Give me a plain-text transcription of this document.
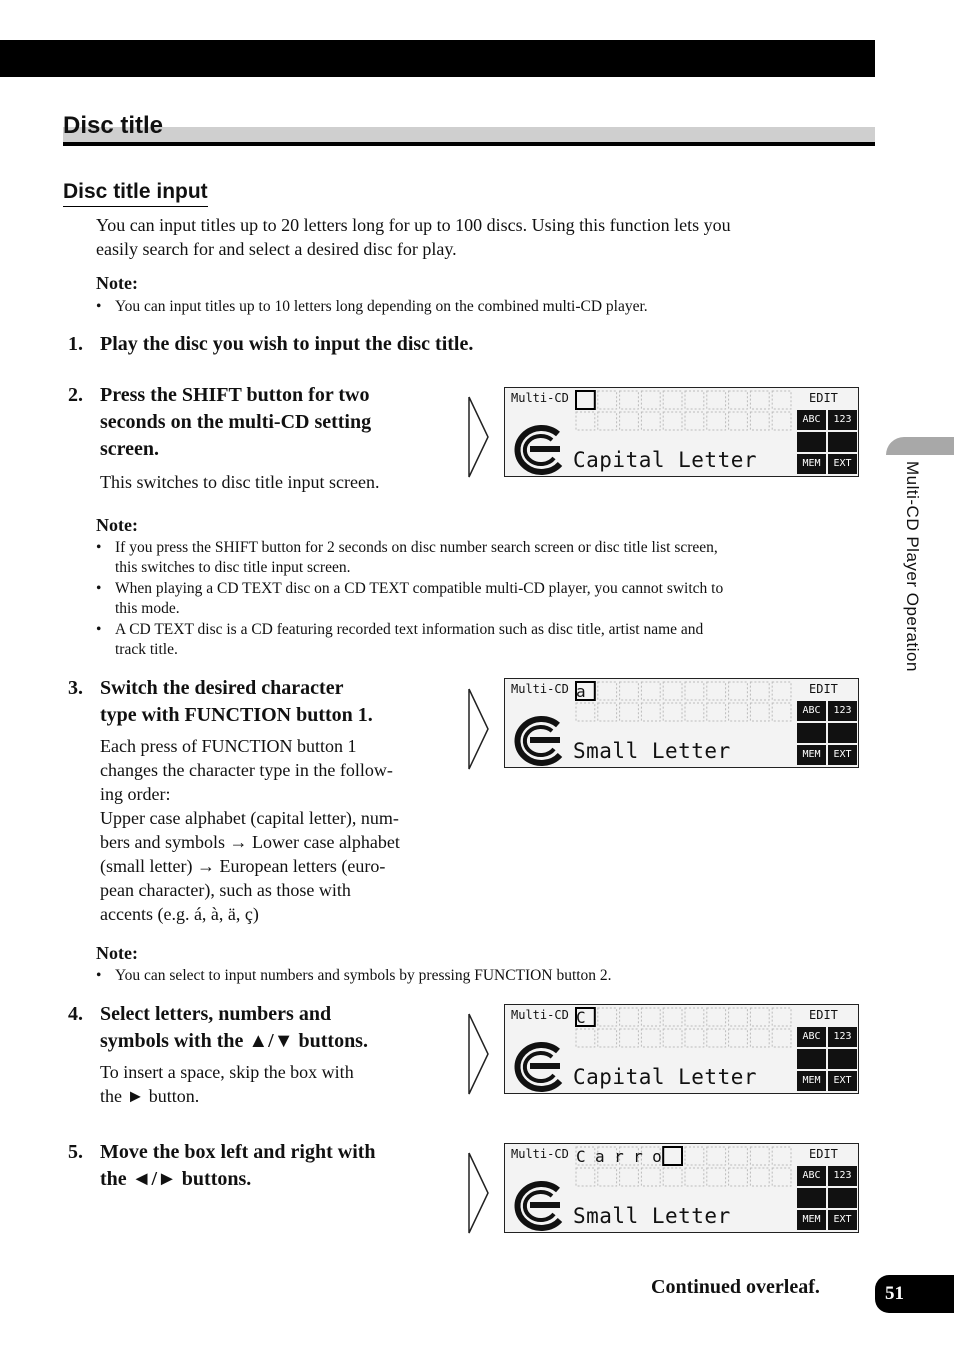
Disc title
Disc title input
You can input titles up to 20 letters long for up to 100 discs. Using this function lets you
easily search for and select a desired disc for play.
Note:
• You can input titles up to 10 letters long depending on the combined multi-CD player.
1. Play the disc you wish to input the disc title.
2. Press the SHIFT button for two
seconds on the multi-CD setting
screen.
This switches to disc title input screen.
Note:
• If you press the SHIFT button for 2 seconds on disc number search screen or disc title list screen,
this switches to disc title input screen.
• When playing a CD TEXT disc on a CD TEXT compatible multi-CD player, you cannot switch to
this mode.
• A CD TEXT disc is a CD featuring recorded text information such as disc title, artist name and
track title.
3. Switch the desired character
type with FUNCTION button 1.
Each press of FUNCTION button 1
changes the character type in the follow-
ing order:
Upper case alphabet (capital letter), num-
bers and symbols → Lower case alphabet
(small letter) → European letters (euro-
pean character), such as those with
accents (e.g. á, à, ä, ç)
Note:
• You can select to input numbers and symbols by pressing FUNCTION button 2.
4. Select letters, numbers and
symbols with the ▲/▼ buttons.
To insert a space, skip the box with
the ► button.
5. Move the box left and right with
the ◄/► buttons.
Multi-CD	EDIT
ABC	123
MEM	EXT
Capital Letter
Multi-CD a	EDIT
ABC	123
MEM	EXT
Small Letter
Multi-CD C	EDIT
ABC	123
MEM	EXT
Capital Letter
Multi-CD Carro	EDIT
ABC	123
MEM	EXT
Small Letter
Multi-CD Player Operation
Continued overleaf.	51
